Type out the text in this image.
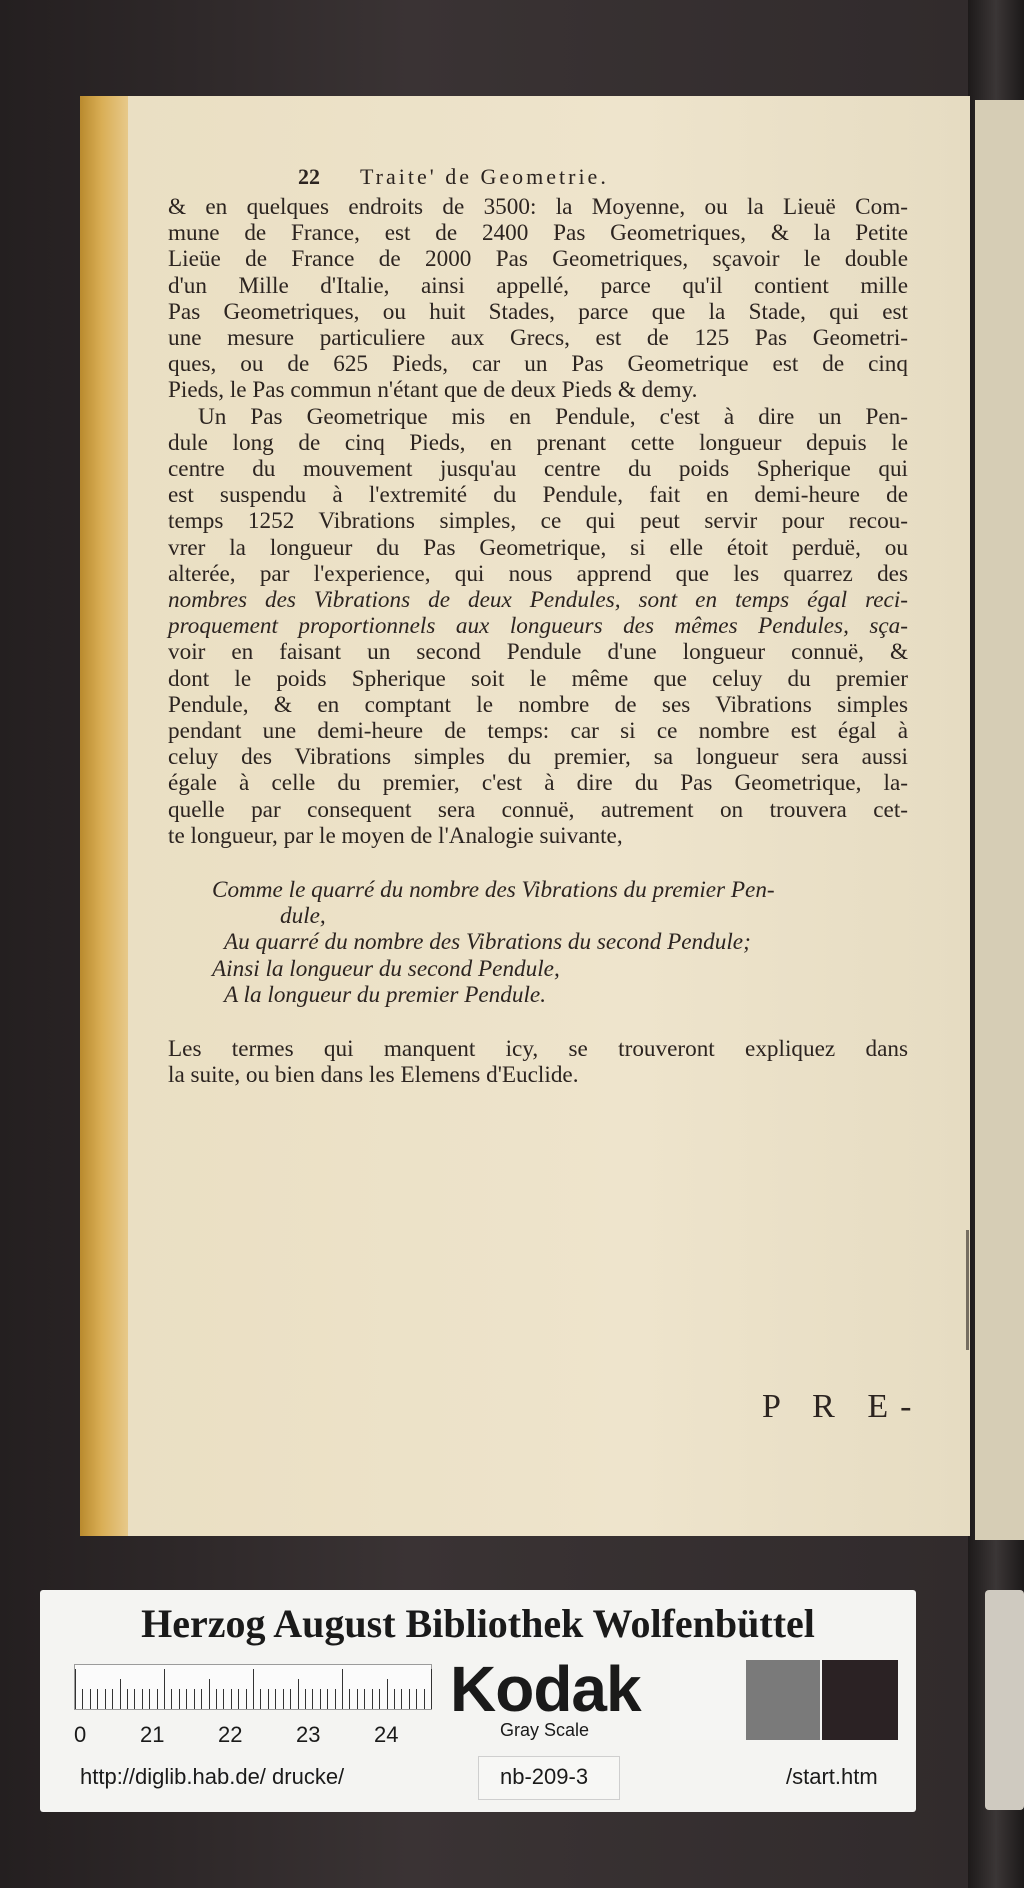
22 Traite' de Geometrie.
& en quelques endroits de 3500: la Moyenne, ou la Lieuë Com-
mune de France, est de 2400 Pas Geometriques, & la Petite
Lieüe de France de 2000 Pas Geometriques, sçavoir le double
d'un Mille d'Italie, ainsi appellé, parce qu'il contient mille
Pas Geometriques, ou huit Stades, parce que la Stade, qui est
une mesure particuliere aux Grecs, est de 125 Pas Geometri-
ques, ou de 625 Pieds, car un Pas Geometrique est de cinq
Pieds, le Pas commun n'étant que de deux Pieds & demy.
Un Pas Geometrique mis en Pendule, c'est à dire un Pen-
dule long de cinq Pieds, en prenant cette longueur depuis le
centre du mouvement jusqu'au centre du poids Spherique qui
est suspendu à l'extremité du Pendule, fait en demi-heure de
temps 1252 Vibrations simples, ce qui peut servir pour recou-
vrer la longueur du Pas Geometrique, si elle étoit perduë, ou
alterée, par l'experience, qui nous apprend que les quarrez des
nombres des Vibrations de deux Pendules, sont en temps égal reci-
proquement proportionnels aux longueurs des mêmes Pendules, sça-
voir en faisant un second Pendule d'une longueur connuë, &
dont le poids Spherique soit le même que celuy du premier
Pendule, & en comptant le nombre de ses Vibrations simples
pendant une demi-heure de temps: car si ce nombre est égal à
celuy des Vibrations simples du premier, sa longueur sera aussi
égale à celle du premier, c'est à dire du Pas Geometrique, la-
quelle par consequent sera connuë, autrement on trouvera cet-
te longueur, par le moyen de l'Analogie suivante,
Comme le quarré du nombre des Vibrations du premier Pen-
dule,
Au quarré du nombre des Vibrations du second Pendule;
Ainsi la longueur du second Pendule,
A la longueur du premier Pendule.
Les termes qui manquent icy, se trouveront expliquez dans
la suite, ou bien dans les Elemens d'Euclide.
P R E-
Herzog August Bibliothek Wolfenbüttel
0 21 22 23 24
Kodak
Gray Scale
http://diglib.hab.de/ drucke/	nb-209-3	/start.htm
